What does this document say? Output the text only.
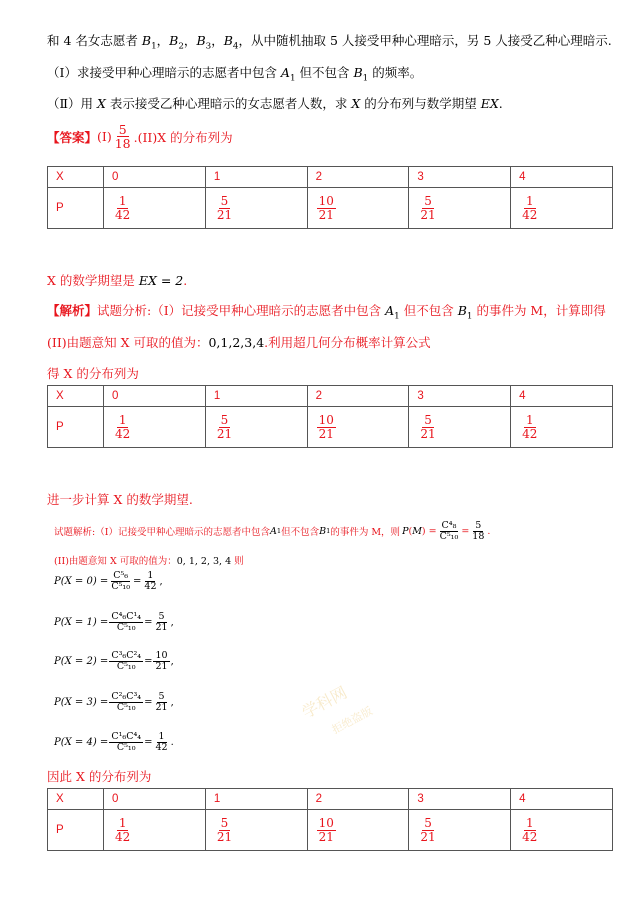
和 4 名女志愿者 $B_1$，$B_2$，$B_3$，$B_4$，从中随机抽取 5 人接受甲种心理暗示，另 5 人接受乙种心理暗示.
（Ⅰ）求接受甲种心理暗示的志愿者中包含 $A_1$ 但不包含 $B_1$ 的频率。
（Ⅱ）用 X 表示接受乙种心理暗示的女志愿者人数，求 X 的分布列与数学期望 EX.
【答案】 (Ⅰ) $\frac{5}{18} .(II)X$ 的分布列为
X	0	1	2	3	4
P	$\frac{1}{42}$	$\frac{5}{21}$	$\frac{10}{21}$	$\frac{5}{21}$	$\frac{1}{42}$
X 的数学期望是 EX = 2.
【解析】试题分析:（Ⅰ）记接受甲种心理暗示的志愿者中包含 $A_1$ 但不包含 $B_1$ 的事件为 M，计算即得
(II)由题意知 X 可取的值为：0,1,2,3,4.利用超几何分布概率计算公式
得 X 的分布列为
X	0	1	2	3	4
P	$\frac{1}{42}$	$\frac{5}{21}$	$\frac{10}{21}$	$\frac{5}{21}$	$\frac{1}{42}$
进一步计算 X 的数学期望.
试题解析:（Ⅰ）记接受甲种心理暗示的志愿者中包含 A 1 但不包含 B 1 的事件为 M，则 P ( M ) = $\frac{\text{C⁴₈}}{\text{C⁵₁₀}} = \frac{5}{18}$ .
(II)由题意知 X 可取的值为：0, 1, 2, 3, 4 则
$P(X = 0) = \frac{\text{C⁵₆}}{\text{C⁵₁₀}} = \frac{1}{42}$ ,
$P(X = 1) = \frac{\text{C⁴₆C¹₄}}{\text{C⁵₁₀}} = \frac{5}{21}$ ,
$P(X = 2) = \frac{\text{C³₆C²₄}}{\text{C⁵₁₀}} = \frac{10}{21}$ ,
$P(X = 3) = \frac{\text{C²₆C³₄}}{\text{C⁵₁₀}} = \frac{5}{21}$ ,
$P(X = 4) = \frac{\text{C¹₆C⁴₄}}{\text{C⁵₁₀}} = \frac{1}{42}$ .
因此 X 的分布列为
X	0	1	2	3	4
P	$\frac{1}{42}$	$\frac{5}{21}$	$\frac{10}{21}$	$\frac{5}{21}$	$\frac{1}{42}$
学科网
拒绝盗版
